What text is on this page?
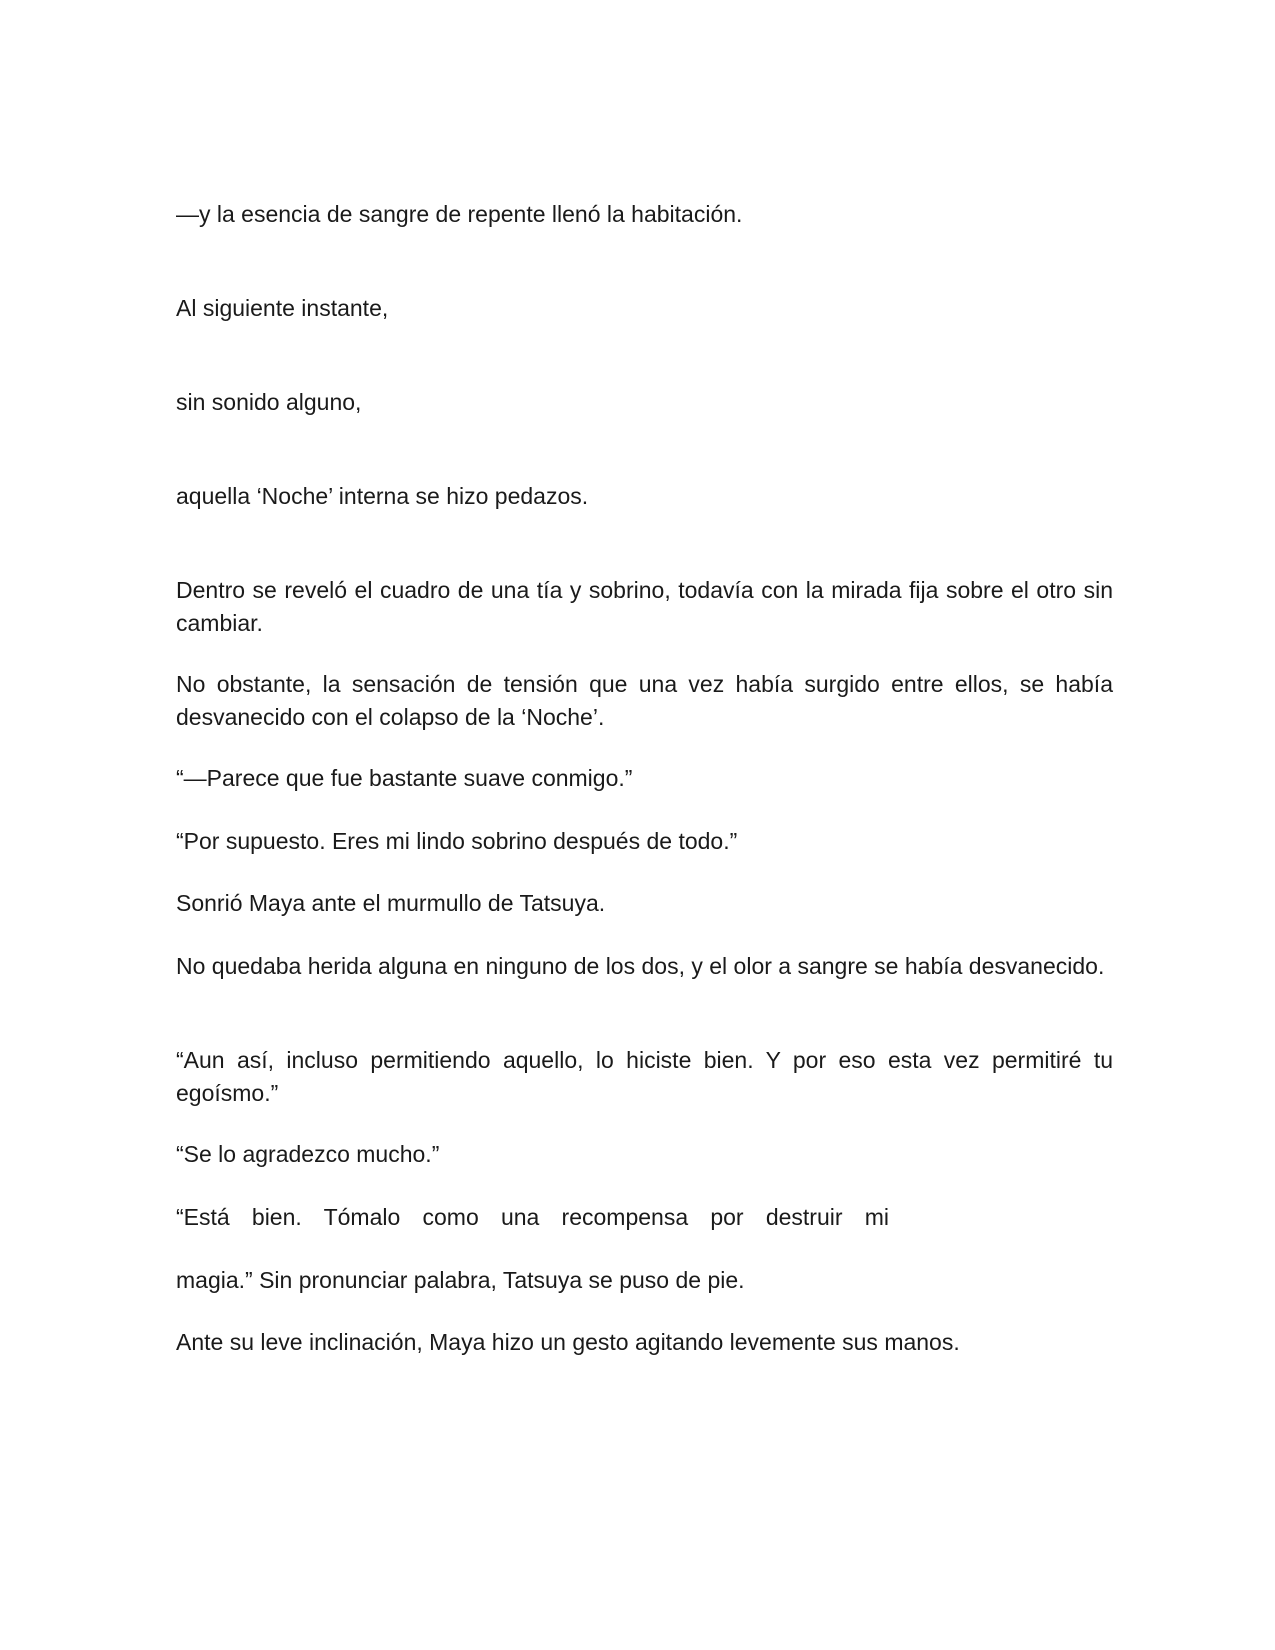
—y la esencia de sangre de repente llenó la habitación.

Al siguiente instante,

sin sonido alguno,

aquella ‘Noche’ interna se hizo pedazos.

Dentro se reveló el cuadro de una tía y sobrino, todavía con la mirada fija sobre el otro sin cambiar.

No obstante, la sensación de tensión que una vez había surgido entre ellos, se había desvanecido con el colapso de la ‘Noche’.

“—Parece que fue bastante suave conmigo.”

“Por supuesto. Eres mi lindo sobrino después de todo.”

Sonrió Maya ante el murmullo de Tatsuya.

No quedaba herida alguna en ninguno de los dos, y el olor a sangre se había desvanecido.

“Aun así, incluso permitiendo aquello, lo hiciste bien. Y por eso esta vez permitiré tu egoísmo.”

“Se lo agradezco mucho.”

“Está bien. Tómalo como una recompensa por destruir mi

magia.” Sin pronunciar palabra, Tatsuya se puso de pie.

Ante su leve inclinación, Maya hizo un gesto agitando levemente sus manos.
